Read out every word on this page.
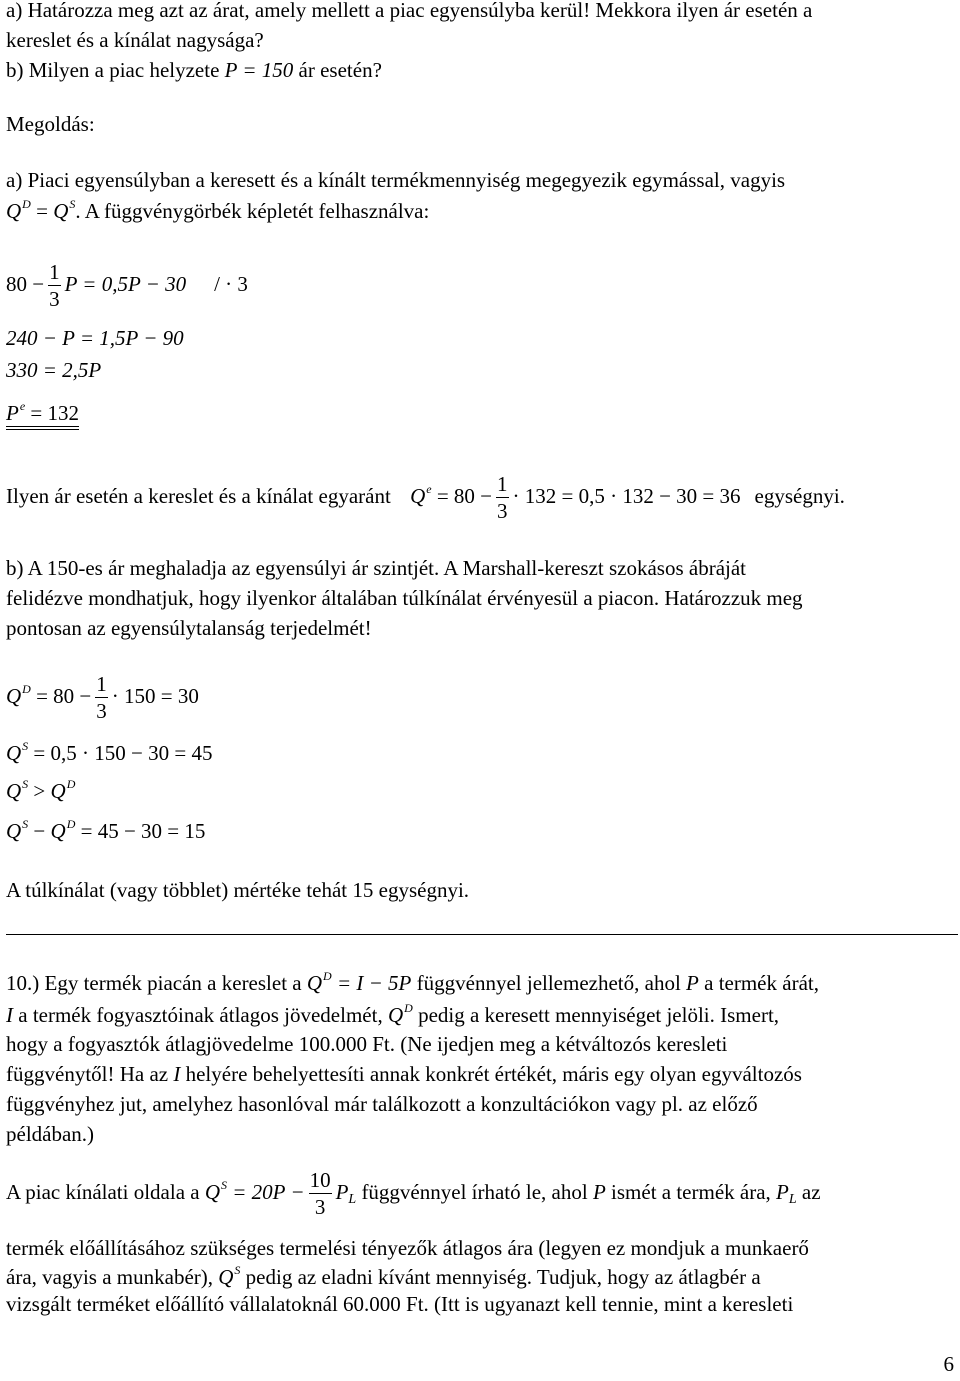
a) Határozza meg azt az árat, amely mellett a piac egyensúlyba kerül! Mekkora ilyen ár esetén a

kereslet és a kínálat nagysága?

b) Milyen a piac helyzete P = 150 ár esetén?

Megoldás:

a) Piaci egyensúlyban a keresett és a kínált termékmennyiség megegyezik egymással, vagyis

$Q^D = Q^S$. A függvénygörbék képletét felhasználva:

$80 - \frac{1}{3}$ P = 0,5P − 30 / · 3
240 − P = 1,5P − 90
330 = 2,5P
$P^e = 132$
Ilyen ár esetén a kereslet és a kínálat egyaránt $Q^e = 80 - \frac{1}{3} \cdot 132 = 0,5 \cdot 132 - 30 = 36$ egységnyi.

b) A 150-es ár meghaladja az egyensúlyi ár szintjét. A Marshall-kereszt szokásos ábráját

felidézve mondhatjuk, hogy ilyenkor általában túlkínálat érvényesül a piacon. Határozzuk meg

pontosan az egyensúlytalanság terjedelmét!

$Q^D = 80 - \frac{1}{3} \cdot 150 = 30$
$Q^S = 0,5 \cdot 150 - 30 = 45$
$Q^S > Q^D$
$Q^S - Q^D = 45 - 30 = 15$

A túlkínálat (vagy többlet) mértéke tehát 15 egységnyi.

10.) Egy termék piacán a kereslet a $Q^D = I - 5P$ függvénnyel jellemezhető, ahol P a termék árát,

I a termék fogyasztóinak átlagos jövedelmét, $Q^D$ pedig a keresett mennyiséget jelöli. Ismert,

hogy a fogyasztók átlagjövedelme 100.000 Ft. (Ne ijedjen meg a kétváltozós keresleti

függvénytől! Ha az I helyére behelyettesíti annak konkrét értékét, máris egy olyan egyváltozós

függvényhez jut, amelyhez hasonlóval már találkozott a konzultációkon vagy pl. az előző

példában.)

A piac kínálati oldala a $Q^S = 20P - \frac{10}{3} P_L$ függvénnyel írható le, ahol P ismét a termék ára, $P_L$ az

termék előállításához szükséges termelési tényezők átlagos ára (legyen ez mondjuk a munkaerő

ára, vagyis a munkabér), $Q^S$ pedig az eladni kívánt mennyiség. Tudjuk, hogy az átlagbér a

vizsgált terméket előállító vállalatoknál 60.000 Ft. (Itt is ugyanazt kell tennie, mint a keresleti

6
